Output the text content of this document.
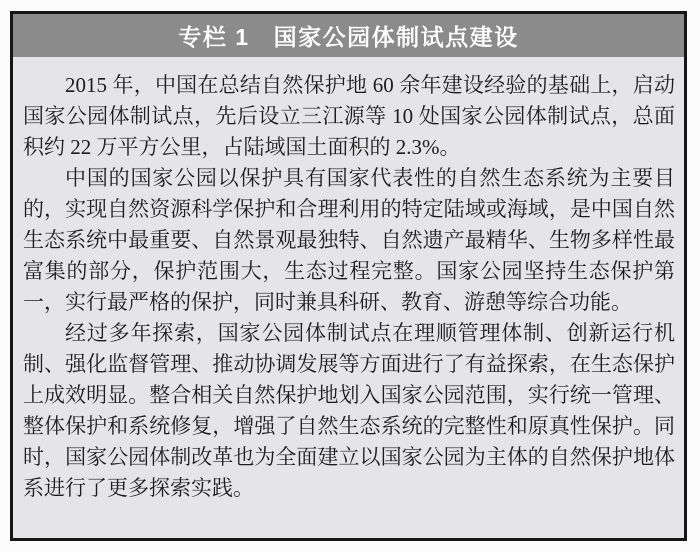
专栏 1 国家公园体制试点建设

2015 年，中国在总结自然保护地 60 余年建设经验的基础上，启动国家公园体制试点，先后设立三江源等 10 处国家公园体制试点，总面积约 22 万平方公里，占陆域国土面积的 2.3%。

中国的国家公园以保护具有国家代表性的自然生态系统为主要目的，实现自然资源科学保护和合理利用的特定陆域或海域，是中国自然生态系统中最重要、自然景观最独特、自然遗产最精华、生物多样性最富集的部分，保护范围大，生态过程完整。国家公园坚持生态保护第一，实行最严格的保护，同时兼具科研、教育、游憩等综合功能。

经过多年探索，国家公园体制试点在理顺管理体制、创新运行机制、强化监督管理、推动协调发展等方面进行了有益探索，在生态保护上成效明显。整合相关自然保护地划入国家公园范围，实行统一管理、整体保护和系统修复，增强了自然生态系统的完整性和原真性保护。同时，国家公园体制改革也为全面建立以国家公园为主体的自然保护地体系进行了更多探索实践。
